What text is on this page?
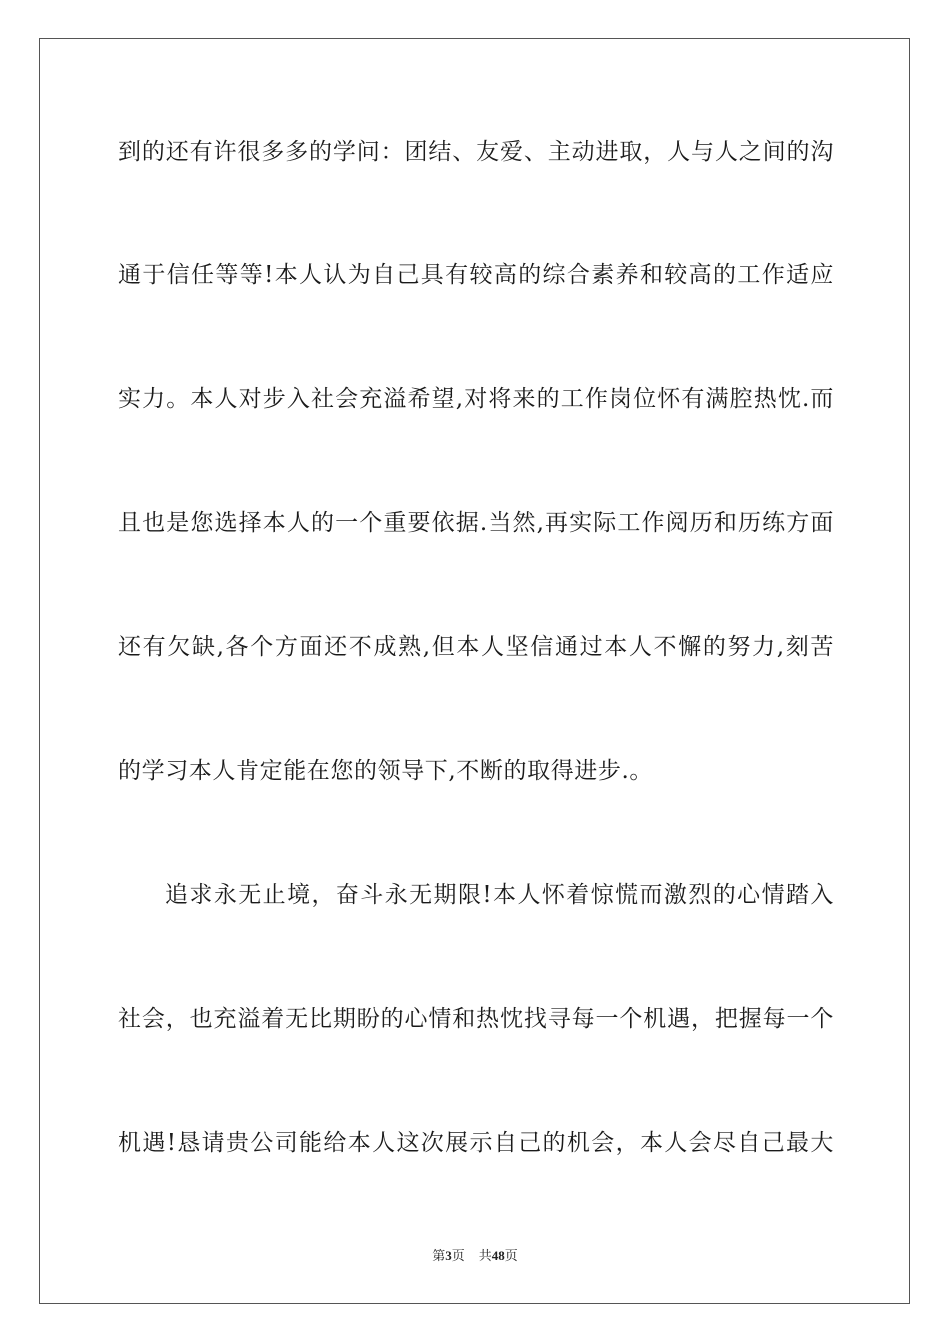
到的还有许很多多的学问：团结、友爱、主动进取，人与人之间的沟
通于信任等等!本人认为自己具有较高的综合素养和较高的工作适应
实力。本人对步入社会充溢希望,对将来的工作岗位怀有满腔热忱.而
且也是您选择本人的一个重要依据.当然,再实际工作阅历和历练方面
还有欠缺,各个方面还不成熟,但本人坚信通过本人不懈的努力,刻苦
的学习本人肯定能在您的领导下,不断的取得进步.。
追求永无止境，奋斗永无期限!本人怀着惊慌而激烈的心情踏入
社会，也充溢着无比期盼的心情和热忱找寻每一个机遇，把握每一个
机遇!恳请贵公司能给本人这次展示自己的机会，本人会尽自己最大
第3页 共48页
